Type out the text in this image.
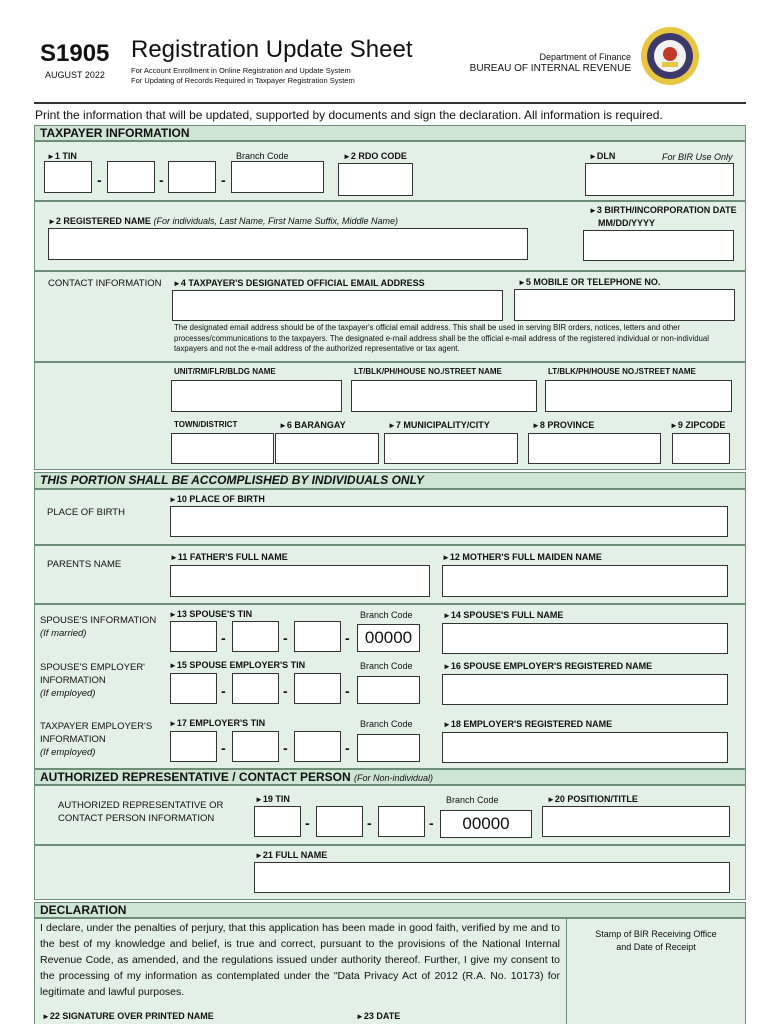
S1905
AUGUST 2022
Registration Update Sheet
For Account Enrollment in Online Registration and Update System
For Updating of Records Required in Taxpayer Registration System
Department of Finance
BUREAU OF INTERNAL REVENUE
Print the information that will be updated, supported by documents and sign the declaration. All information is required.
TAXPAYER INFORMATION
►1 TIN
-	-	-
Branch Code	►2 RDO CODE	►DLN	For BIR Use Only
►2 REGISTERED NAME (For individuals, Last Name, First Name Suffix, Middle Name)
►3 BIRTH/INCORPORATION DATE
MM/DD/YYYY
CONTACT INFORMATION ►4 TAXPAYER'S DESIGNATED OFFICIAL EMAIL ADDRESS	►5 MOBILE OR TELEPHONE NO.
The designated email address should be of the taxpayer's official email address. This shall be used in serving BIR orders, notices, letters and other processes/communications to the taxpayers. The designated e-mail address shall be the official e-mail address of the registered individual or non-individual taxpayers and not the e-mail address of the authorized representative or tax agent.
UNIT/RM/FLR/BLDG NAME	LT/BLK/PH/HOUSE NO./STREET NAME	LT/BLK/PH/HOUSE NO./STREET NAME
TOWN/DISTRICT	►6 BARANGAY	►7 MUNICIPALITY/CITY	►8 PROVINCE	►9 ZIPCODE
THIS PORTION SHALL BE ACCOMPLISHED BY INDIVIDUALS ONLY
PLACE OF BIRTH
►10 PLACE OF BIRTH
PARENTS NAME
►11 FATHER'S FULL NAME	►12 MOTHER'S FULL MAIDEN NAME
SPOUSE'S INFORMATION
(If married)
►13 SPOUSE'S TIN
-	-	-
Branch Code
00000
►14 SPOUSE'S FULL NAME
SPOUSE'S EMPLOYER'
INFORMATION
(If employed)
►15 SPOUSE EMPLOYER'S TIN
-	-	-
Branch Code	►16 SPOUSE EMPLOYER'S REGISTERED NAME
TAXPAYER EMPLOYER'S
INFORMATION
(If employed)
►17 EMPLOYER'S TIN
-	-	-
Branch Code	►18 EMPLOYER'S REGISTERED NAME
AUTHORIZED REPRESENTATIVE / CONTACT PERSON (For Non-individual)
AUTHORIZED REPRESENTATIVE OR
CONTACT PERSON INFORMATION
►19 TIN
-	-	-
Branch Code
00000
►20 POSITION/TITLE
►21 FULL NAME
DECLARATION
I declare, under the penalties of perjury, that this application has been made in good faith, verified by me and to the best of my knowledge and belief, is true and correct, pursuant to the provisions of the National Internal Revenue Code, as amended, and the regulations issued under authority thereof. Further, I give my consent to the processing of my information as contemplated under the "Data Privacy Act of 2012 (R.A. No. 10173) for legitimate and lawful purposes.
Stamp of BIR Receiving Office
and Date of Receipt
►22 SIGNATURE OVER PRINTED NAME	►23 DATE
